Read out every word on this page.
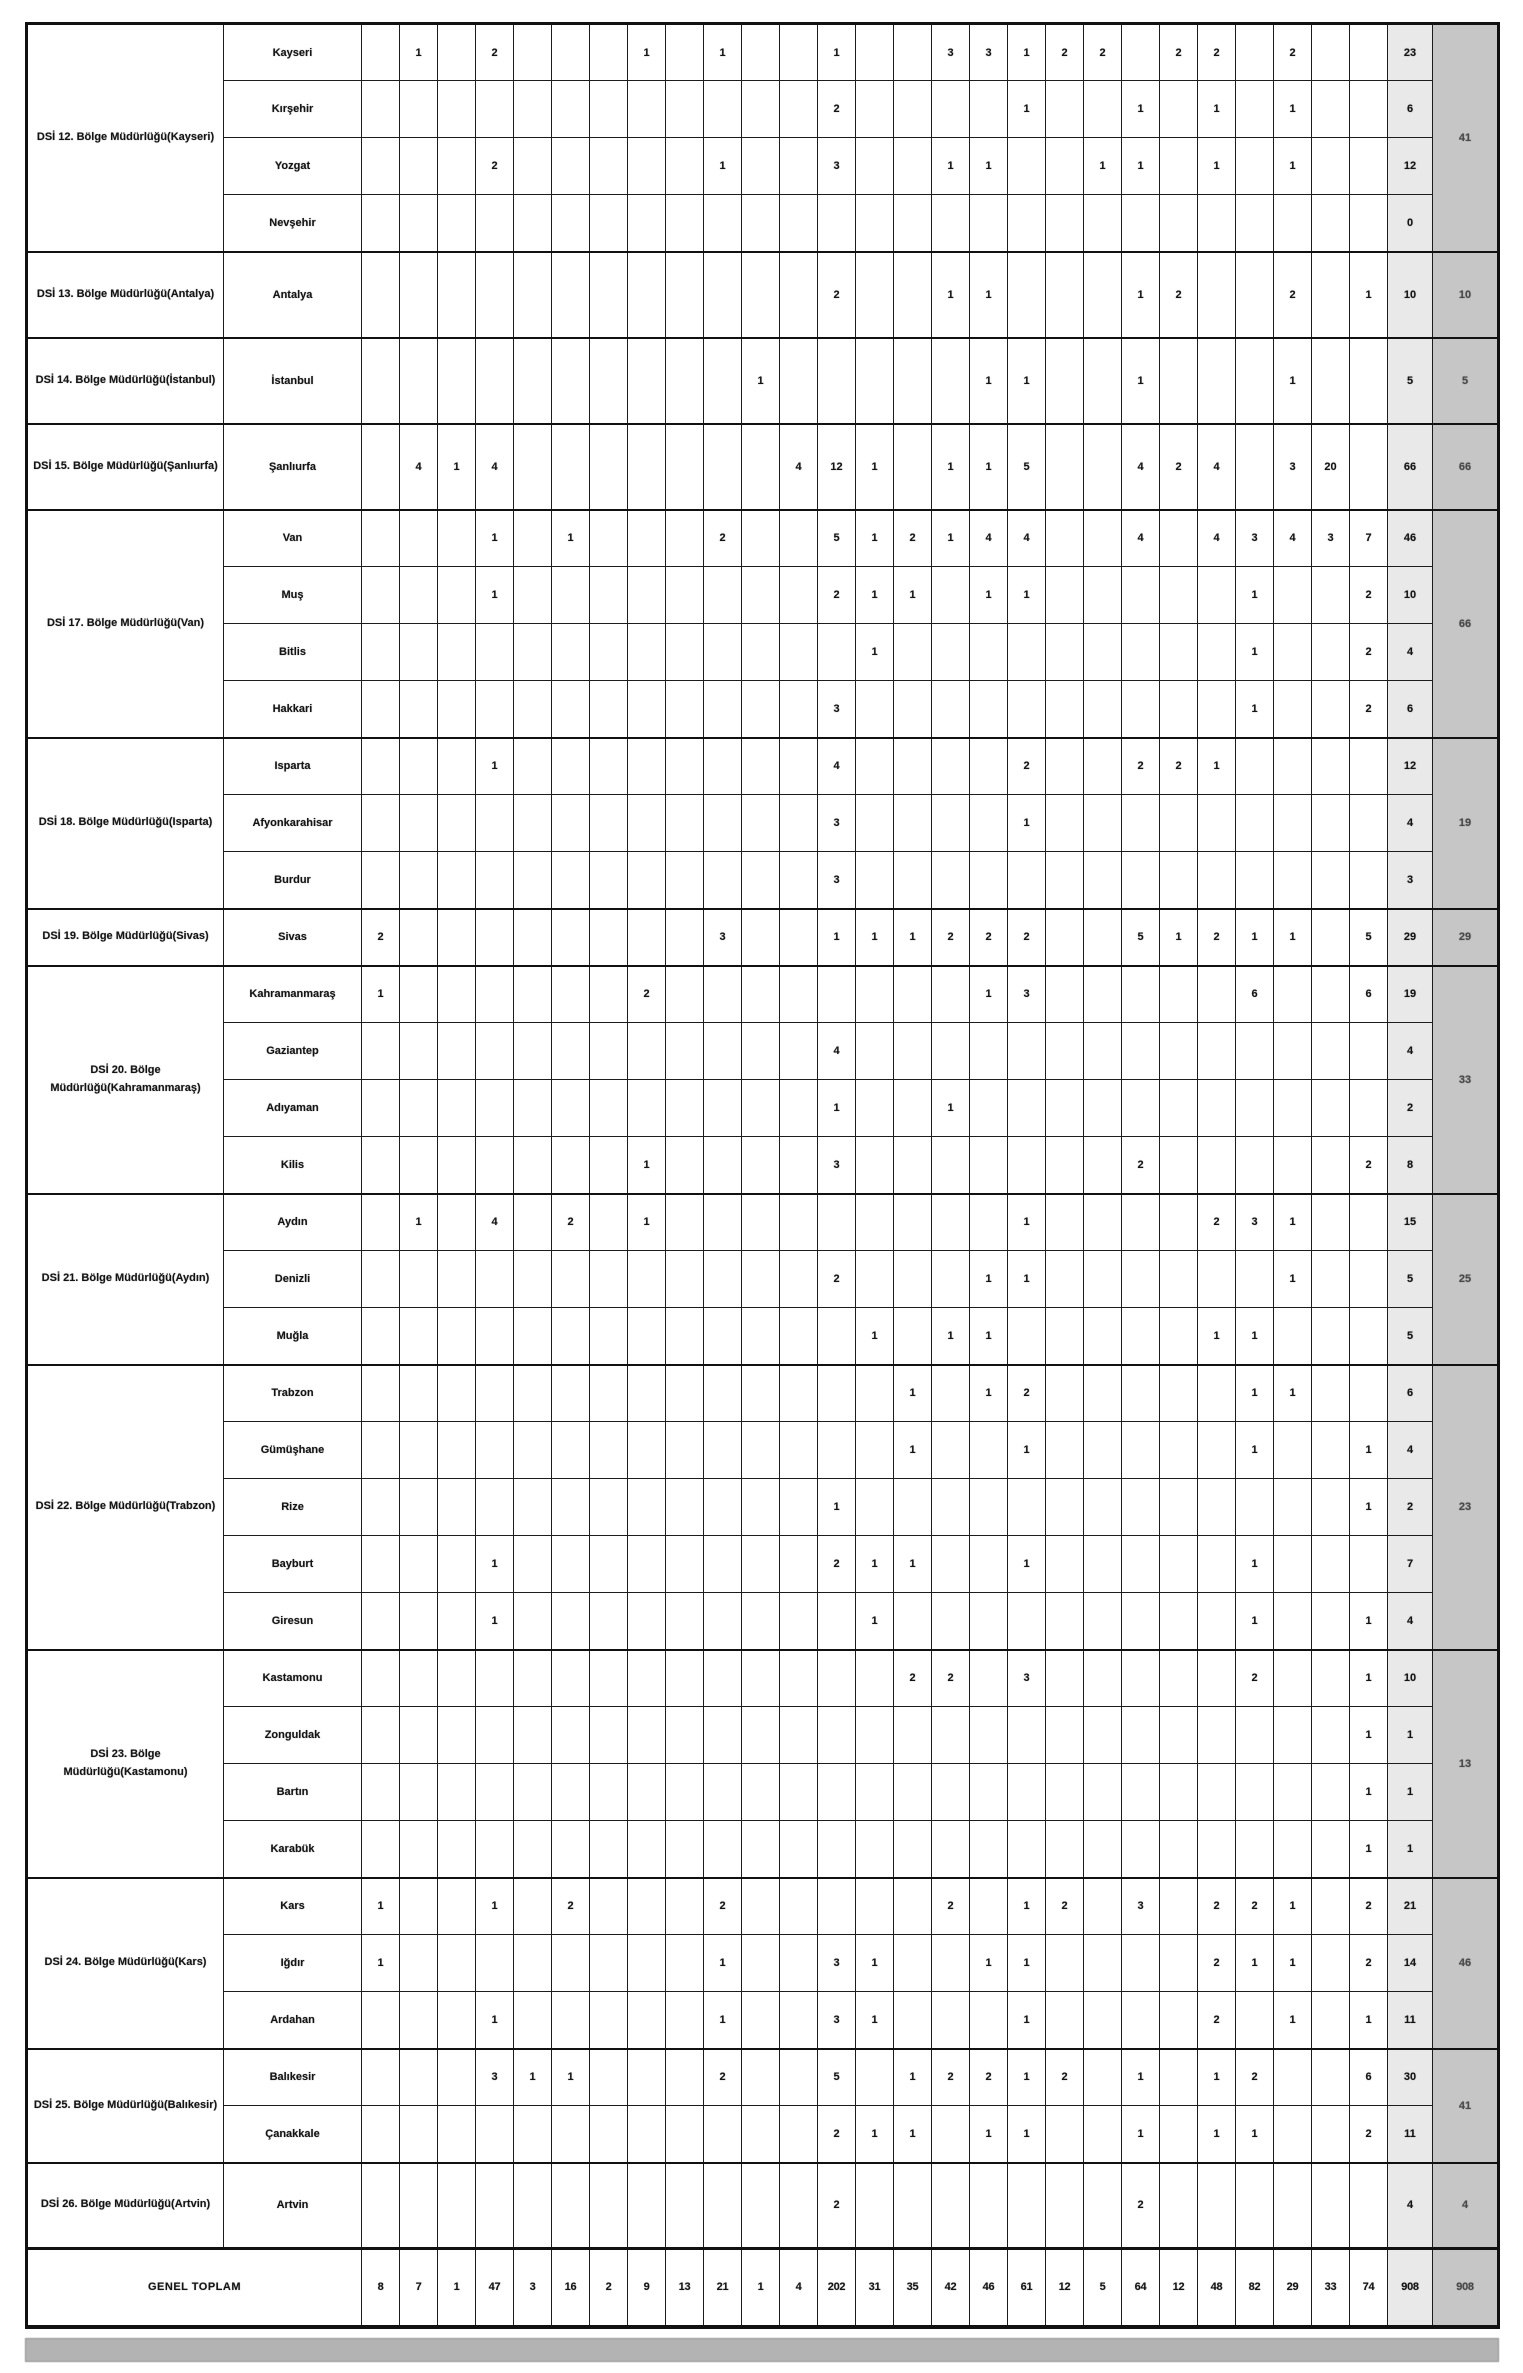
DSİ 12. Bölge Müdürlüğü(Kayseri)	Kayseri		1		2				1		1			1			3	3	1	2	2		2	2		2			23	41
	Kırşehir													2					1			1		1		1			6	
	Yozgat				2						1			3			1	1			1	1		1		1			12	
	Nevşehir																												0	
DSİ 13. Bölge Müdürlüğü(Antalya)	Antalya													2			1	1				1	2			2		1	10	10
DSİ 14. Bölge Müdürlüğü(İstanbul)	İstanbul											1						1	1			1				1			5	5
DSİ 15. Bölge Müdürlüğü(Şanlıurfa)	Şanlıurfa		4	1	4								4	12	1		1	1	5			4	2	4		3	20		66	66
DSİ 17. Bölge Müdürlüğü(Van)	Van				1		1				2			5	1	2	1	4	4			4		4	3	4	3	7	46	66
	Muş				1									2	1	1		1	1						1			2	10	
	Bitlis														1										1			2	4	
	Hakkari													3											1			2	6	
DSİ 18. Bölge Müdürlüğü(Isparta)	Isparta				1									4					2			2	2	1					12	19
	Afyonkarahisar													3					1										4	
	Burdur													3															3	
DSİ 19. Bölge Müdürlüğü(Sivas)	Sivas	2									3			1	1	1	2	2	2			5	1	2	1	1		5	29	29
DSİ 20. Bölge Müdürlüğü(Kahramanmaraş)	Kahramanmaraş	1							2									1	3						6			6	19	33
	Gaziantep													4															4	
	Adıyaman													1			1												2	
	Kilis								1					3								2						2	8	
DSİ 21. Bölge Müdürlüğü(Aydın)	Aydın		1		4		2		1										1					2	3	1			15	25
	Denizli													2				1	1							1			5	
	Muğla														1		1	1						1	1				5	
DSİ 22. Bölge Müdürlüğü(Trabzon)	Trabzon															1		1	2						1	1			6	23
	Gümüşhane															1			1						1			1	4	
	Rize													1														1	2	
	Bayburt				1									2	1	1			1						1				7	
	Giresun				1										1										1			1	4	
DSİ 23. Bölge Müdürlüğü(Kastamonu)	Kastamonu															2	2		3						2			1	10	13
	Zonguldak																											1	1	
	Bartın																											1	1	
	Karabük																											1	1	
DSİ 24. Bölge Müdürlüğü(Kars)	Kars	1			1		2				2						2		1	2		3		2	2	1		2	21	46
	Iğdır	1									1			3	1			1	1					2	1	1		2	14	
	Ardahan				1						1			3	1				1					2		1		1	11	
DSİ 25. Bölge Müdürlüğü(Balıkesir)	Balıkesir				3	1	1				2			5		1	2	2	1	2		1		1	2			6	30	41
	Çanakkale													2	1	1		1	1			1		1	1			2	11	
DSİ 26. Bölge Müdürlüğü(Artvin)	Artvin													2								2							4	4
GENEL TOPLAM		8	7	1	47	3	16	2	9	13	21	1	4	202	31	35	42	46	61	12	5	64	12	48	82	29	33	74	908	908
